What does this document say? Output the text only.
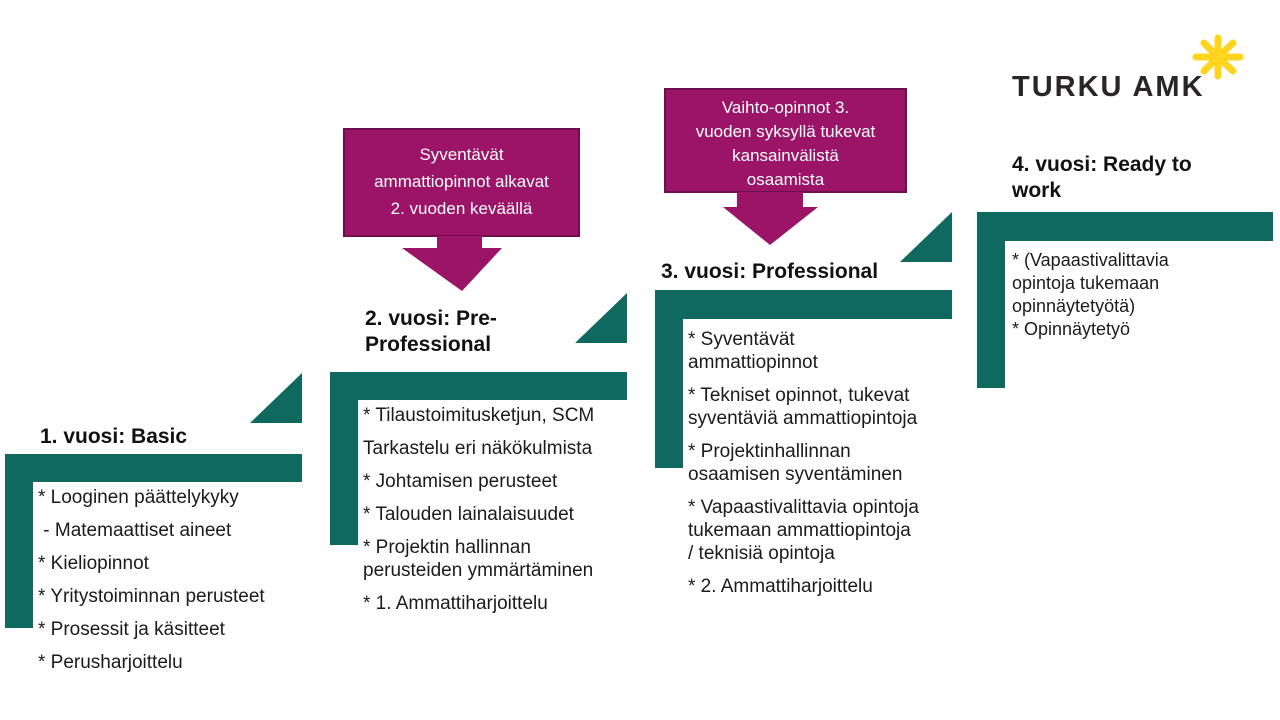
1. vuosi: Basic
* Looginen päättelykyky
- Matemaattiset aineet
* Kieliopinnot
* Yritystoiminnan perusteet
* Prosessit ja käsitteet
* Perusharjoittelu
2. vuosi: Pre-
Professional
* Tilaustoimitusketjun, SCM
Tarkastelu eri näkökulmista
* Johtamisen perusteet
* Talouden lainalaisuudet
* Projektin hallinnan
perusteiden ymmärtäminen
* 1. Ammattiharjoittelu
3. vuosi: Professional
* Syventävät
ammattiopinnot
* Tekniset opinnot, tukevat
syventäviä ammattiopintoja
* Projektinhallinnan
osaamisen syventäminen
* Vapaastivalittavia opintoja
tukemaan ammattiopintoja
/ teknisiä opintoja
* 2. Ammattiharjoittelu
4. vuosi: Ready to
work
* (Vapaastivalittavia
opintoja tukemaan
opinnäytetyötä)
* Opinnäytetyö
Syventävät
ammattiopinnot alkavat
2. vuoden keväällä
Vaihto-opinnot 3.
vuoden syksyllä tukevat
kansainvälistä
osaamista
TURKU AMK
